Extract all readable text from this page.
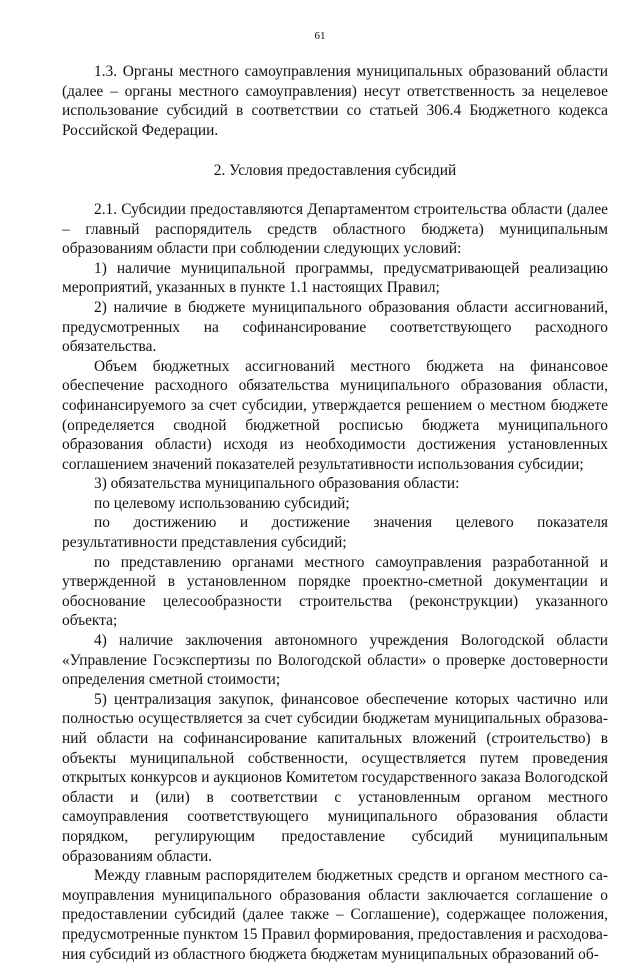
61

1.3. Органы местного самоуправления муниципальных образований области (далее – органы местного самоуправления) несут ответственность за нецелевое использование субсидий в соответствии со статьей 306.4 Бюджетного кодекса Российской Федерации.

2. Условия предоставления субсидий

2.1. Субсидии предоставляются Департаментом строительства области (далее – главный распорядитель средств областного бюджета) муниципальным образованиям области при соблюдении следующих условий:

1) наличие муниципальной программы, предусматривающей реализацию мероприятий, указанных в пункте 1.1 настоящих Правил;

2) наличие в бюджете муниципального образования области ассигнований, предусмотренных на софинансирование соответствующего расходного обязательства.

Объем бюджетных ассигнований местного бюджета на финансовое обеспечение расходного обязательства муниципального образования области, софинансируемого за счет субсидии, утверждается решением о местном бюджете (определяется сводной бюджетной росписью бюджета муниципального образования области) исходя из необходимости достижения установленных соглашением значений показателей результативности использования субсидии;

3) обязательства муниципального образования области:

по целевому использованию субсидий;

по достижению и достижение значения целевого показателя результативности представления субсидий;

по представлению органами местного самоуправления разработанной и утвержденной в установленном порядке проектно-сметной документации и обоснование целесообразности строительства (реконструкции) указанного объекта;

4) наличие заключения автономного учреждения Вологодской области «Управление Госэкспертизы по Вологодской области» о проверке достоверности определения сметной стоимости;

5) централизация закупок, финансовое обеспечение которых частично или полностью осуществляется за счет субсидии бюджетам муниципальных образований области на софинансирование капитальных вложений (строительство) в объекты муниципальной собственности, осуществляется путем проведения открытых конкурсов и аукционов Комитетом государственного заказа Вологодской области и (или) в соответствии с установленным органом местного самоуправления соответствующего муниципального образования области порядком, регулирующим предоставление субсидий муниципальным образованиям области.

Между главным распорядителем бюджетных средств и органом местного самоуправления муниципального образования области заключается соглашение о предоставлении субсидий (далее также – Соглашение), содержащее положения, предусмотренные пунктом 15 Правил формирования, предоставления и расходования субсидий из областного бюджета бюджетам муниципальных образований об-
